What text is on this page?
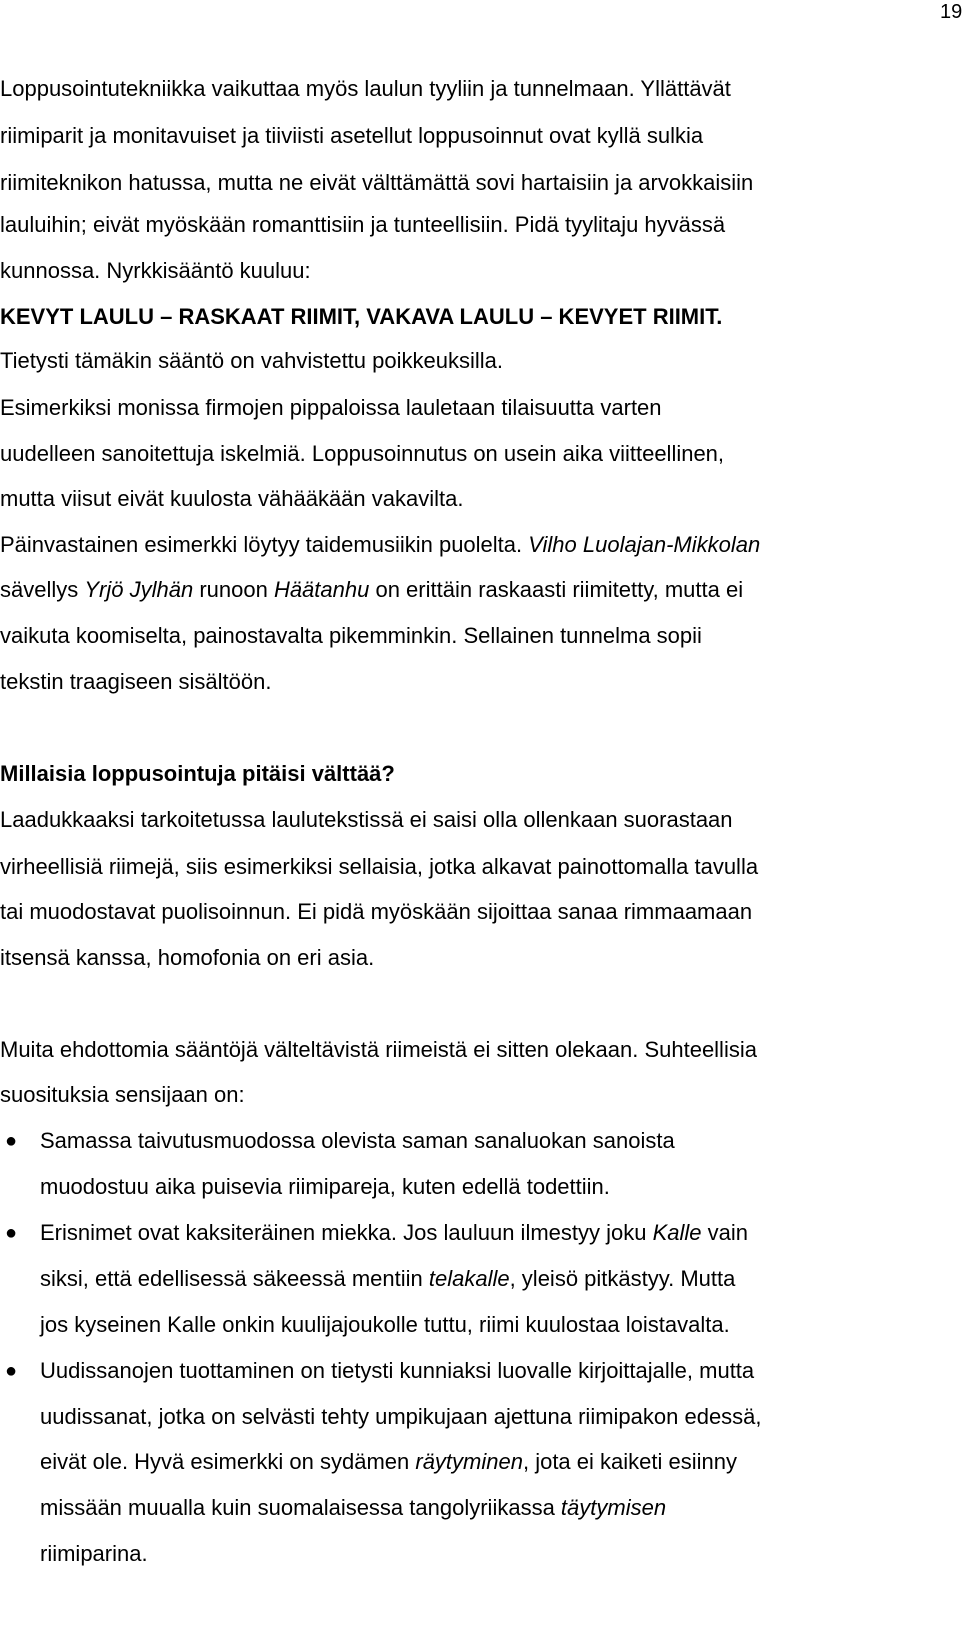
19
Loppusointutekniikka vaikuttaa myös laulun tyyliin ja tunnelmaan. Yllättävät
riimiparit ja monitavuiset ja tiiviisti asetellut loppusoinnut ovat kyllä sulkia
riimiteknikon hatussa, mutta ne eivät välttämättä sovi hartaisiin ja arvokkaisiin
lauluihin; eivät myöskään romanttisiin ja tunteellisiin. Pidä tyylitaju hyvässä
kunnossa. Nyrkkisääntö kuuluu:
KEVYT LAULU – RASKAAT RIIMIT, VAKAVA LAULU – KEVYET RIIMIT.
Tietysti tämäkin sääntö on vahvistettu poikkeuksilla.
Esimerkiksi monissa firmojen pippaloissa lauletaan tilaisuutta varten
uudelleen sanoitettuja iskelmiä. Loppusoinnutus on usein aika viitteellinen,
mutta viisut eivät kuulosta vähääkään vakavilta.
Päinvastainen esimerkki löytyy taidemusiikin puolelta. Vilho Luolajan-Mikkolan
sävellys Yrjö Jylhän runoon Häätanhu on erittäin raskaasti riimitetty, mutta ei
vaikuta koomiselta, painostavalta pikemminkin. Sellainen tunnelma sopii
tekstin traagiseen sisältöön.
Millaisia loppusointuja pitäisi välttää?
Laadukkaaksi tarkoitetussa laulutekstissä ei saisi olla ollenkaan suorastaan
virheellisiä riimejä, siis esimerkiksi sellaisia, jotka alkavat painottomalla tavulla
tai muodostavat puolisoinnun. Ei pidä myöskään sijoittaa sanaa rimmaamaan
itsensä kanssa, homofonia on eri asia.
Muita ehdottomia sääntöjä välteltävistä riimeistä ei sitten olekaan. Suhteellisia
suosituksia sensijaan on:
● Samassa taivutusmuodossa olevista saman sanaluokan sanoista
muodostuu aika puisevia riimipareja, kuten edellä todettiin.
● Erisnimet ovat kaksiteräinen miekka. Jos lauluun ilmestyy joku Kalle vain
siksi, että edellisessä säkeessä mentiin telakalle, yleisö pitkästyy. Mutta
jos kyseinen Kalle onkin kuulijajoukolle tuttu, riimi kuulostaa loistavalta.
● Uudissanojen tuottaminen on tietysti kunniaksi luovalle kirjoittajalle, mutta
uudissanat, jotka on selvästi tehty umpikujaan ajettuna riimipakon edessä,
eivät ole. Hyvä esimerkki on sydämen räytyminen, jota ei kaiketi esiinny
missään muualla kuin suomalaisessa tangolyriikassa täytymisen
riimiparina.
